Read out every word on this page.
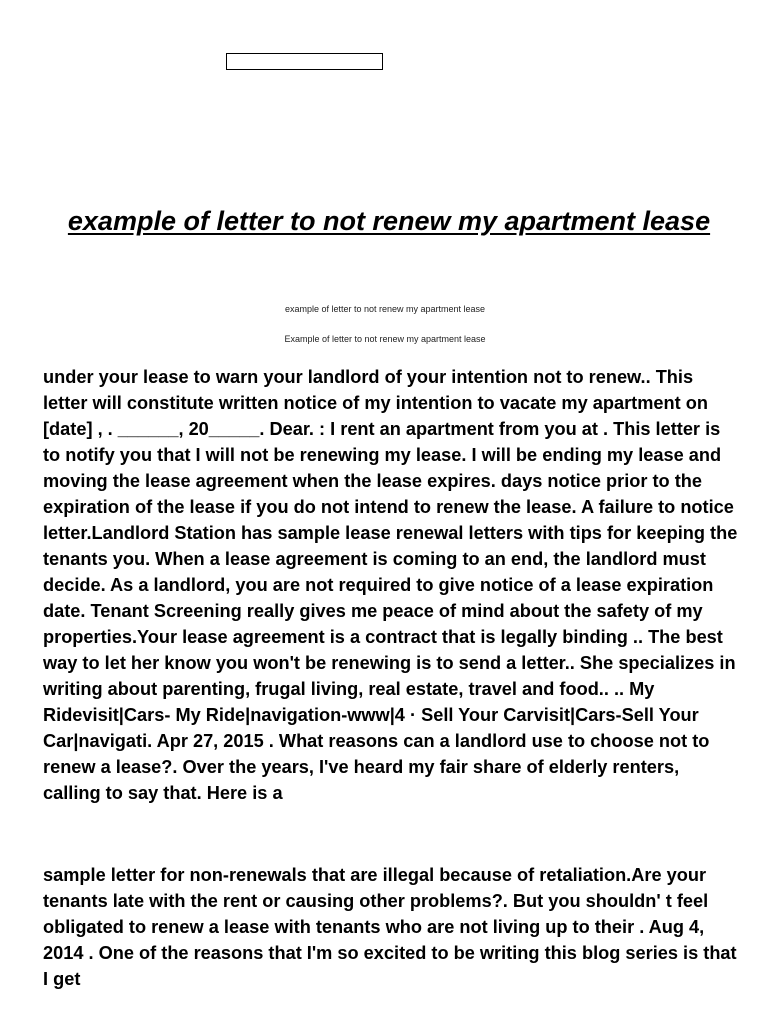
example of letter to not renew my apartment lease

example of letter to not renew my apartment lease

Example of letter to not renew my apartment lease

under your lease to warn your landlord of your intention not to renew.. This letter will constitute written notice of my intention to vacate my apartment on [date] , . ______, 20_____. Dear. : I rent an apartment from you at . This letter is to notify you that I will not be renewing my lease. I will be ending my lease and moving the lease agreement when the lease expires. days notice prior to the expiration of the lease if you do not intend to renew the lease. A failure to notice letter.Landlord Station has sample lease renewal letters with tips for keeping the tenants you. When a lease agreement is coming to an end, the landlord must decide. As a landlord, you are not required to give notice of a lease expiration date. Tenant Screening really gives me peace of mind about the safety of my properties.Your lease agreement is a contract that is legally binding .. The best way to let her know you won't be renewing is to send a letter.. She specializes in writing about parenting, frugal living, real estate, travel and food.. .. My Ridevisit|Cars- My Ride|navigation-www|4 · Sell Your Carvisit|Cars-Sell Your Car|navigati. Apr 27, 2015 . What reasons can a landlord use to choose not to renew a lease?. Over the years, I've heard my fair share of elderly renters, calling to say that. Here is a

sample letter for non-renewals that are illegal because of retaliation.Are your tenants late with the rent or causing other problems?. But you shouldn' t feel obligated to renew a lease with tenants who are not living up to their . Aug 4, 2014 . One of the reasons that I'm so excited to be writing this blog series is that I get
